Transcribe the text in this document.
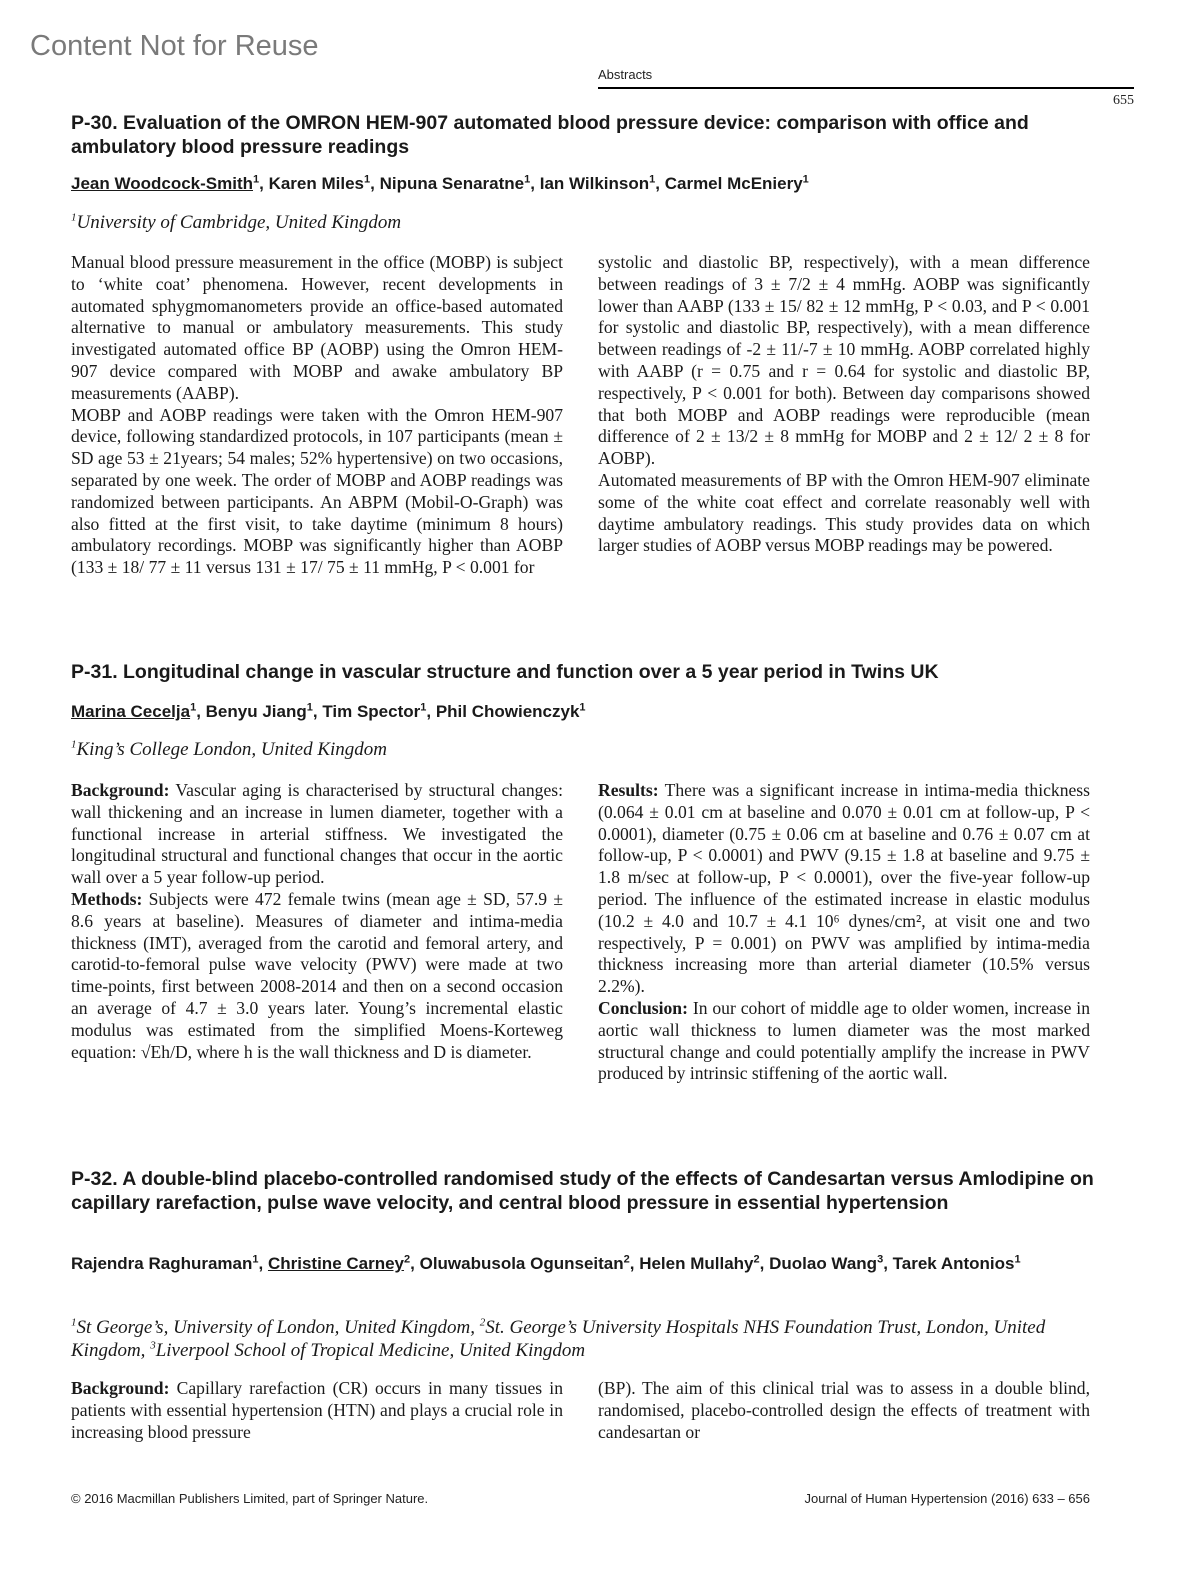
Content Not for Reuse
Abstracts
655
P-30. Evaluation of the OMRON HEM-907 automated blood pressure device: comparison with office and ambulatory blood pressure readings
Jean Woodcock-Smith$^1$, Karen Miles$^1$, Nipuna Senaratne$^1$, Ian Wilkinson$^1$, Carmel McEniery$^1$
$^1$University of Cambridge, United Kingdom

Manual blood pressure measurement in the office (MOBP) is subject to ‘white coat’ phenomena. However, recent developments in automated sphygmomanometers provide an office-based automated alternative to manual or ambulatory measurements. This study investigated automated office BP (AOBP) using the Omron HEM-907 device compared with MOBP and awake ambulatory BP measurements (AABP).

MOBP and AOBP readings were taken with the Omron HEM-907 device, following standardized protocols, in 107 participants (mean ± SD age 53 ± 21years; 54 males; 52% hypertensive) on two occasions, separated by one week. The order of MOBP and AOBP readings was randomized between participants. An ABPM (Mobil-O-Graph) was also fitted at the first visit, to take daytime (minimum 8 hours) ambulatory recordings. MOBP was significantly higher than AOBP (133 ± 18/ 77 ± 11 versus 131 ± 17/ 75 ± 11 mmHg, P < 0.001 for

systolic and diastolic BP, respectively), with a mean difference between readings of 3 ± 7/2 ± 4 mmHg. AOBP was significantly lower than AABP (133 ± 15/ 82 ± 12 mmHg, P < 0.03, and P < 0.001 for systolic and diastolic BP, respectively), with a mean difference between readings of -2 ± 11/-7 ± 10 mmHg. AOBP correlated highly with AABP (r = 0.75 and r = 0.64 for systolic and diastolic BP, respectively, P < 0.001 for both). Between day comparisons showed that both MOBP and AOBP readings were reproducible (mean difference of 2 ± 13/2 ± 8 mmHg for MOBP and 2 ± 12/ 2 ± 8 for AOBP).

Automated measurements of BP with the Omron HEM-907 eliminate some of the white coat effect and correlate reasonably well with daytime ambulatory readings. This study provides data on which larger studies of AOBP versus MOBP readings may be powered.

P-31. Longitudinal change in vascular structure and function over a 5 year period in Twins UK
Marina Cecelja$^1$, Benyu Jiang$^1$, Tim Spector$^1$, Phil Chowienczyk$^1$
$^1$King’s College London, United Kingdom

Background: Vascular aging is characterised by structural changes: wall thickening and an increase in lumen diameter, together with a functional increase in arterial stiffness. We investigated the longitudinal structural and functional changes that occur in the aortic wall over a 5 year follow-up period.

Methods: Subjects were 472 female twins (mean age ± SD, 57.9 ± 8.6 years at baseline). Measures of diameter and intima-media thickness (IMT), averaged from the carotid and femoral artery, and carotid-to-femoral pulse wave velocity (PWV) were made at two time-points, first between 2008-2014 and then on a second occasion an average of 4.7 ± 3.0 years later. Young’s incremental elastic modulus was estimated from the simplified Moens-Korteweg equation: √Eh/D, where h is the wall thickness and D is diameter.

Results: There was a significant increase in intima-media thickness (0.064 ± 0.01 cm at baseline and 0.070 ± 0.01 cm at follow-up, P < 0.0001), diameter (0.75 ± 0.06 cm at baseline and 0.76 ± 0.07 cm at follow-up, P < 0.0001) and PWV (9.15 ± 1.8 at baseline and 9.75 ± 1.8 m/sec at follow-up, P < 0.0001), over the five-year follow-up period. The influence of the estimated increase in elastic modulus (10.2 ± 4.0 and 10.7 ± 4.1 10⁶ dynes/cm², at visit one and two respectively, P = 0.001) on PWV was amplified by intima-media thickness increasing more than arterial diameter (10.5% versus 2.2%).

Conclusion: In our cohort of middle age to older women, increase in aortic wall thickness to lumen diameter was the most marked structural change and could potentially amplify the increase in PWV produced by intrinsic stiffening of the aortic wall.

P-32. A double-blind placebo-controlled randomised study of the effects of Candesartan versus Amlodipine on capillary rarefaction, pulse wave velocity, and central blood pressure in essential hypertension
Rajendra Raghuraman$^1$, Christine Carney$^2$, Oluwabusola Ogunseitan$^2$, Helen Mullahy$^2$, Duolao Wang$^3$, Tarek Antonios$^1$
$^1$St George’s, University of London, United Kingdom, $^2$St. George’s University Hospitals NHS Foundation Trust, London, United Kingdom, $^3$Liverpool School of Tropical Medicine, United Kingdom

Background: Capillary rarefaction (CR) occurs in many tissues in patients with essential hypertension (HTN) and plays a crucial role in increasing blood pressure

(BP). The aim of this clinical trial was to assess in a double blind, randomised, placebo-controlled design the effects of treatment with candesartan or

© 2016 Macmillan Publishers Limited, part of Springer Nature.	Journal of Human Hypertension (2016) 633 – 656
